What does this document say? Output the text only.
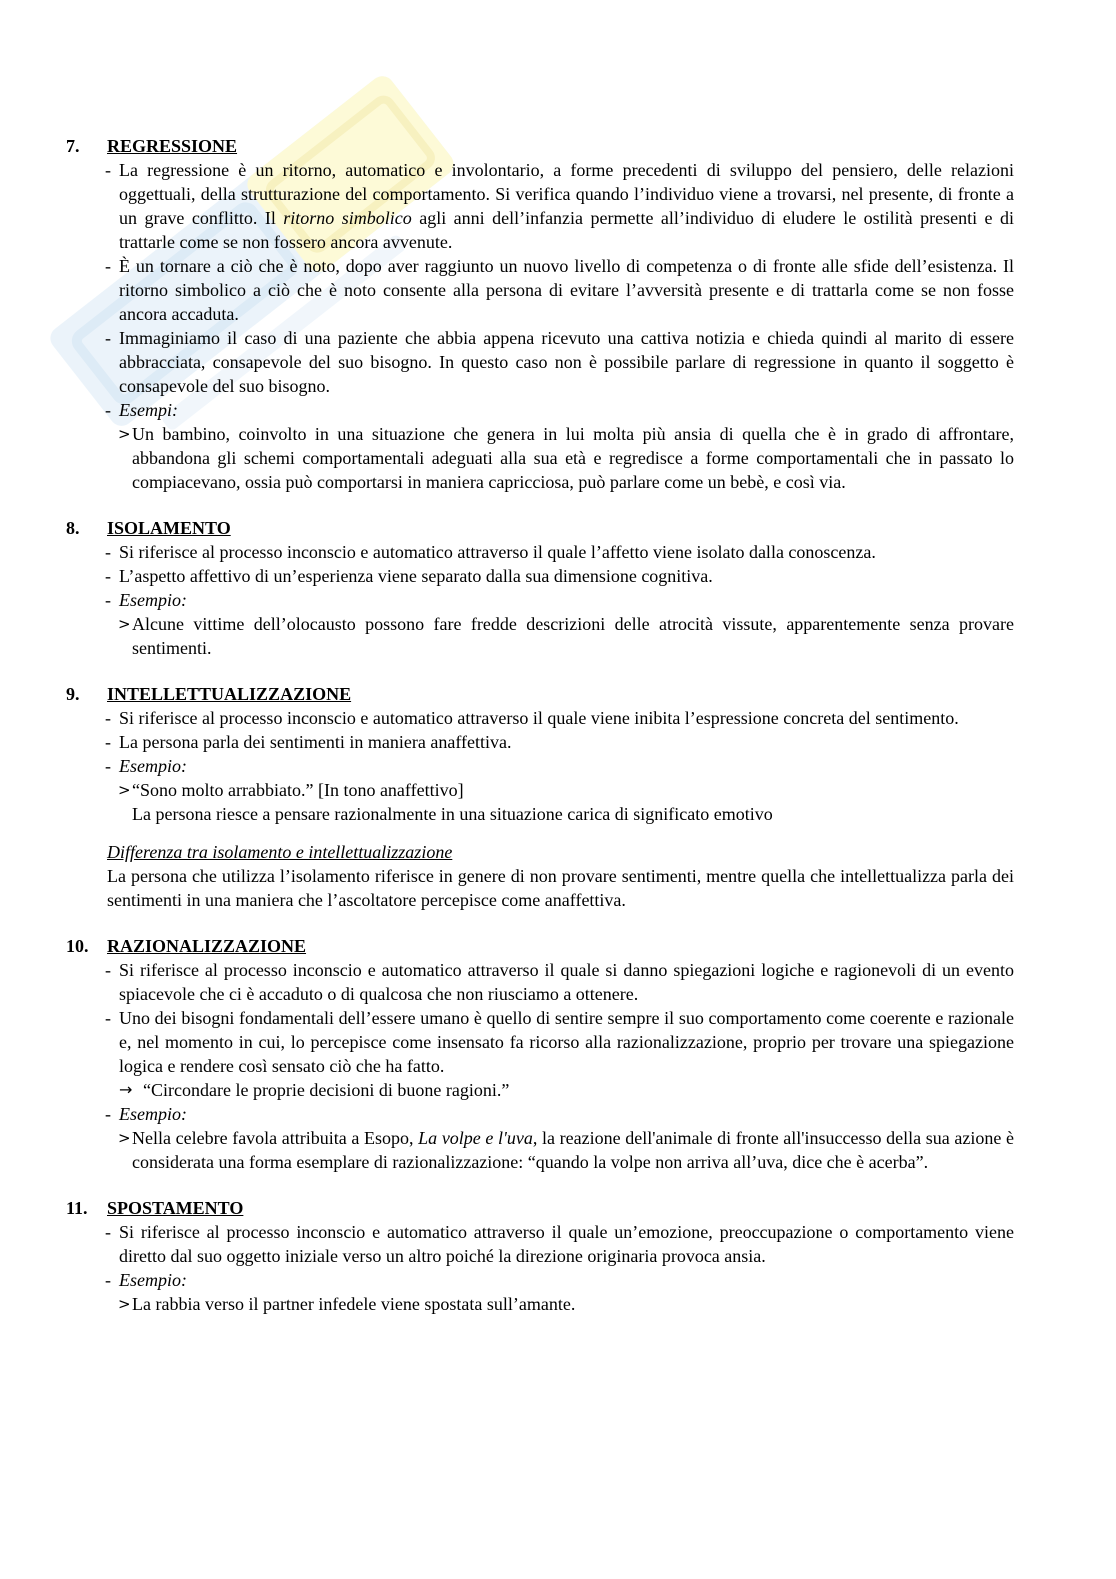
7.	REGRESSIONE
- La regressione è un ritorno, automatico e involontario, a forme precedenti di sviluppo del pensiero, delle relazioni oggettuali, della strutturazione del comportamento. Si verifica quando l’individuo viene a trovarsi, nel presente, di fronte a un grave conflitto. Il ritorno simbolico agli anni dell’infanzia permette all’individuo di eludere le ostilità presenti e di trattarle come se non fossero ancora avvenute.
- È un tornare a ciò che è noto, dopo aver raggiunto un nuovo livello di competenza o di fronte alle sfide dell’esistenza. Il ritorno simbolico a ciò che è noto consente alla persona di evitare l’avversità presente e di trattarla come se non fosse ancora accaduta.
- Immaginiamo il caso di una paziente che abbia appena ricevuto una cattiva notizia e chieda quindi al marito di essere abbracciata, consapevole del suo bisogno. In questo caso non è possibile parlare di regressione in quanto il soggetto è consapevole del suo bisogno.
- Esempi:
> Un bambino, coinvolto in una situazione che genera in lui molta più ansia di quella che è in grado di affrontare, abbandona gli schemi comportamentali adeguati alla sua età e regredisce a forme comportamentali che in passato lo compiacevano, ossia può comportarsi in maniera capricciosa, può parlare come un bebè, e così via.
8.	ISOLAMENTO
- Si riferisce al processo inconscio e automatico attraverso il quale l’affetto viene isolato dalla conoscenza.
- L’aspetto affettivo di un’esperienza viene separato dalla sua dimensione cognitiva.
- Esempio:
> Alcune vittime dell’olocausto possono fare fredde descrizioni delle atrocità vissute, apparentemente senza provare sentimenti.
9.	INTELLETTUALIZZAZIONE
- Si riferisce al processo inconscio e automatico attraverso il quale viene inibita l’espressione concreta del sentimento.
- La persona parla dei sentimenti in maniera anaffettiva.
- Esempio:
> “Sono molto arrabbiato.” [In tono anaffettivo]
La persona riesce a pensare razionalmente in una situazione carica di significato emotivo
Differenza tra isolamento e intellettualizzazione
La persona che utilizza l’isolamento riferisce in genere di non provare sentimenti, mentre quella che intellettualizza parla dei sentimenti in una maniera che l’ascoltatore percepisce come anaffettiva.
10.	RAZIONALIZZAZIONE
- Si riferisce al processo inconscio e automatico attraverso il quale si danno spiegazioni logiche e ragionevoli di un evento spiacevole che ci è accaduto o di qualcosa che non riusciamo a ottenere.
- Uno dei bisogni fondamentali dell’essere umano è quello di sentire sempre il suo comportamento come coerente e razionale e, nel momento in cui, lo percepisce come insensato fa ricorso alla razionalizzazione, proprio per trovare una spiegazione logica e rendere così sensato ciò che ha fatto.
→ “Circondare le proprie decisioni di buone ragioni.”
- Esempio:
> Nella celebre favola attribuita a Esopo, La volpe e l'uva, la reazione dell'animale di fronte all'insuccesso della sua azione è considerata una forma esemplare di razionalizzazione: “quando la volpe non arriva all’uva, dice che è acerba”.
11.	SPOSTAMENTO
- Si riferisce al processo inconscio e automatico attraverso il quale un’emozione, preoccupazione o comportamento viene diretto dal suo oggetto iniziale verso un altro poiché la direzione originaria provoca ansia.
- Esempio:
> La rabbia verso il partner infedele viene spostata sull’amante.
